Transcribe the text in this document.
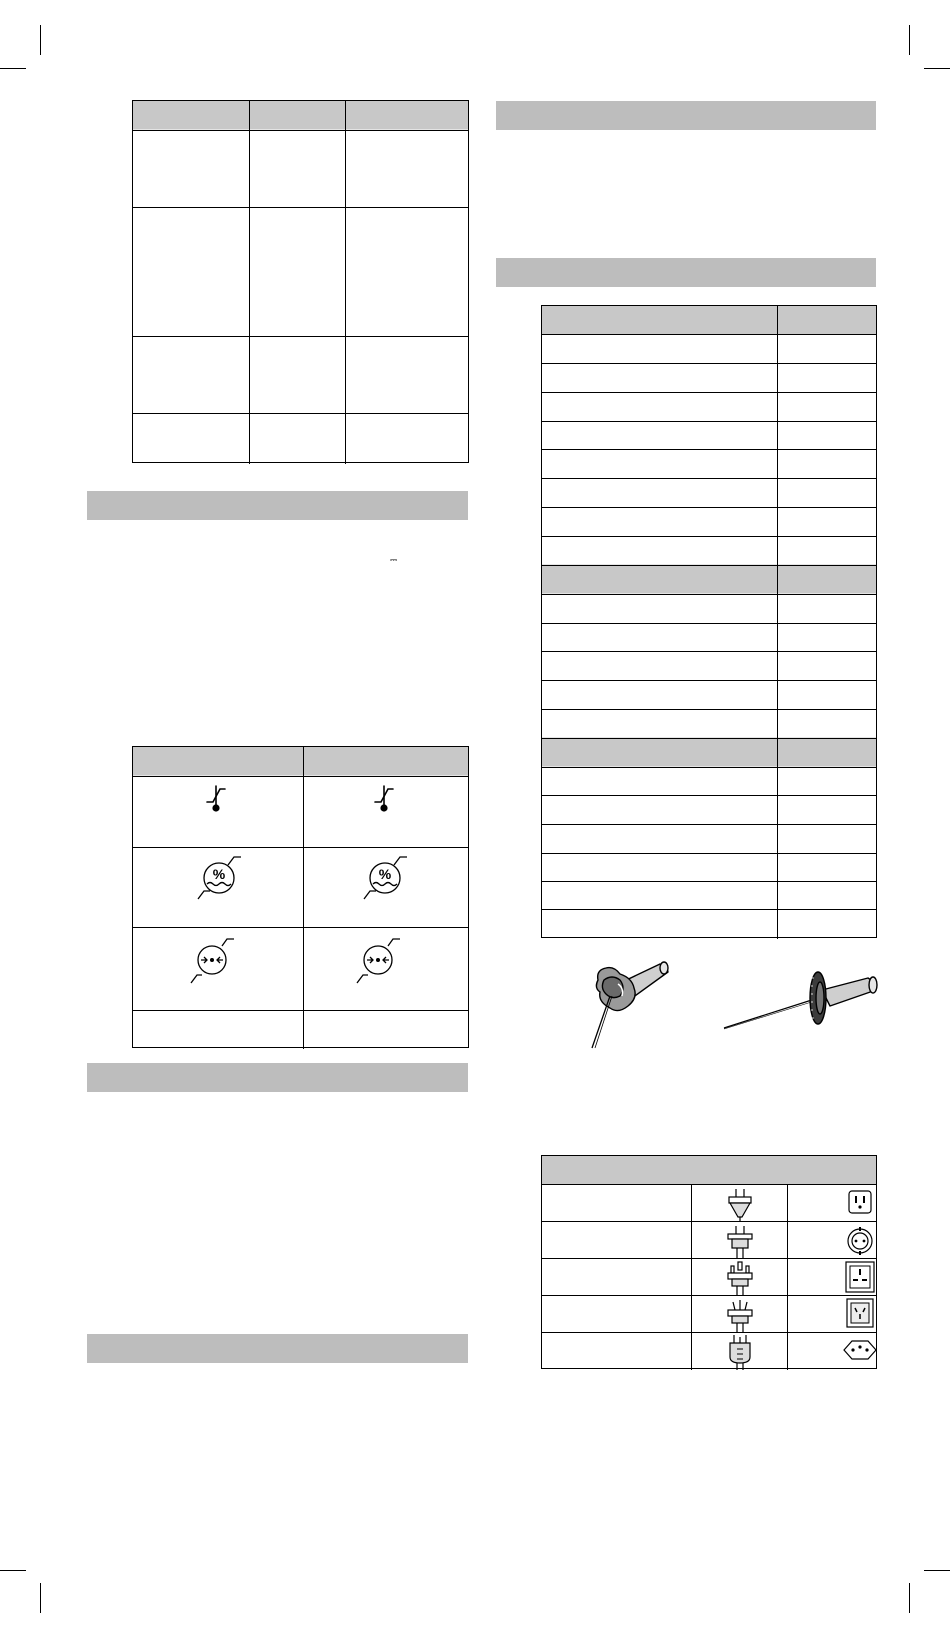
⎓
%	%
